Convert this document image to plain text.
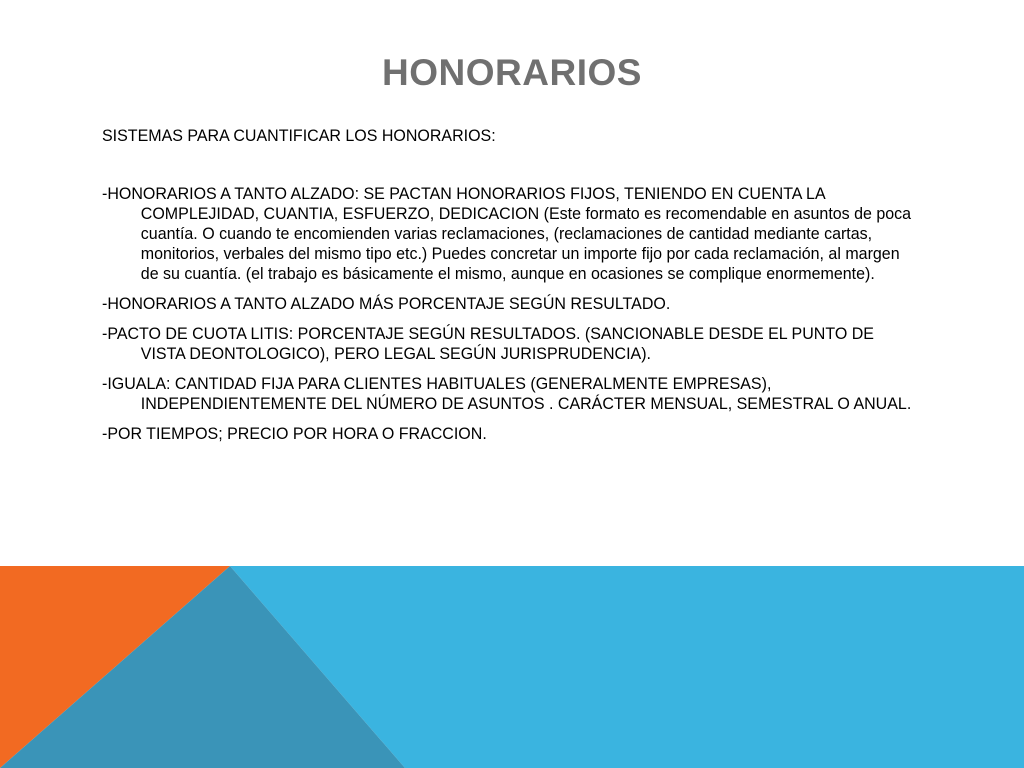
HONORARIOS

SISTEMAS PARA CUANTIFICAR LOS HONORARIOS:

-HONORARIOS A TANTO ALZADO: SE PACTAN HONORARIOS FIJOS, TENIENDO EN CUENTA LA COMPLEJIDAD, CUANTIA, ESFUERZO, DEDICACION (Este formato es recomendable en asuntos de poca cuantía. O cuando te encomienden varias reclamaciones, (reclamaciones de cantidad mediante cartas, monitorios, verbales del mismo tipo etc.) Puedes concretar un importe fijo por cada reclamación, al margen de su cuantía. (el trabajo es básicamente el mismo, aunque en ocasiones se complique enormemente).

-HONORARIOS A TANTO ALZADO MÁS PORCENTAJE SEGÚN RESULTADO.

-PACTO DE CUOTA LITIS: PORCENTAJE SEGÚN RESULTADOS. (SANCIONABLE DESDE EL PUNTO DE VISTA DEONTOLOGICO), PERO LEGAL SEGÚN JURISPRUDENCIA).

-IGUALA: CANTIDAD FIJA PARA CLIENTES HABITUALES (GENERALMENTE EMPRESAS), INDEPENDIENTEMENTE DEL NÚMERO DE ASUNTOS . CARÁCTER MENSUAL, SEMESTRAL O ANUAL.

-POR TIEMPOS; PRECIO POR HORA O FRACCION.
